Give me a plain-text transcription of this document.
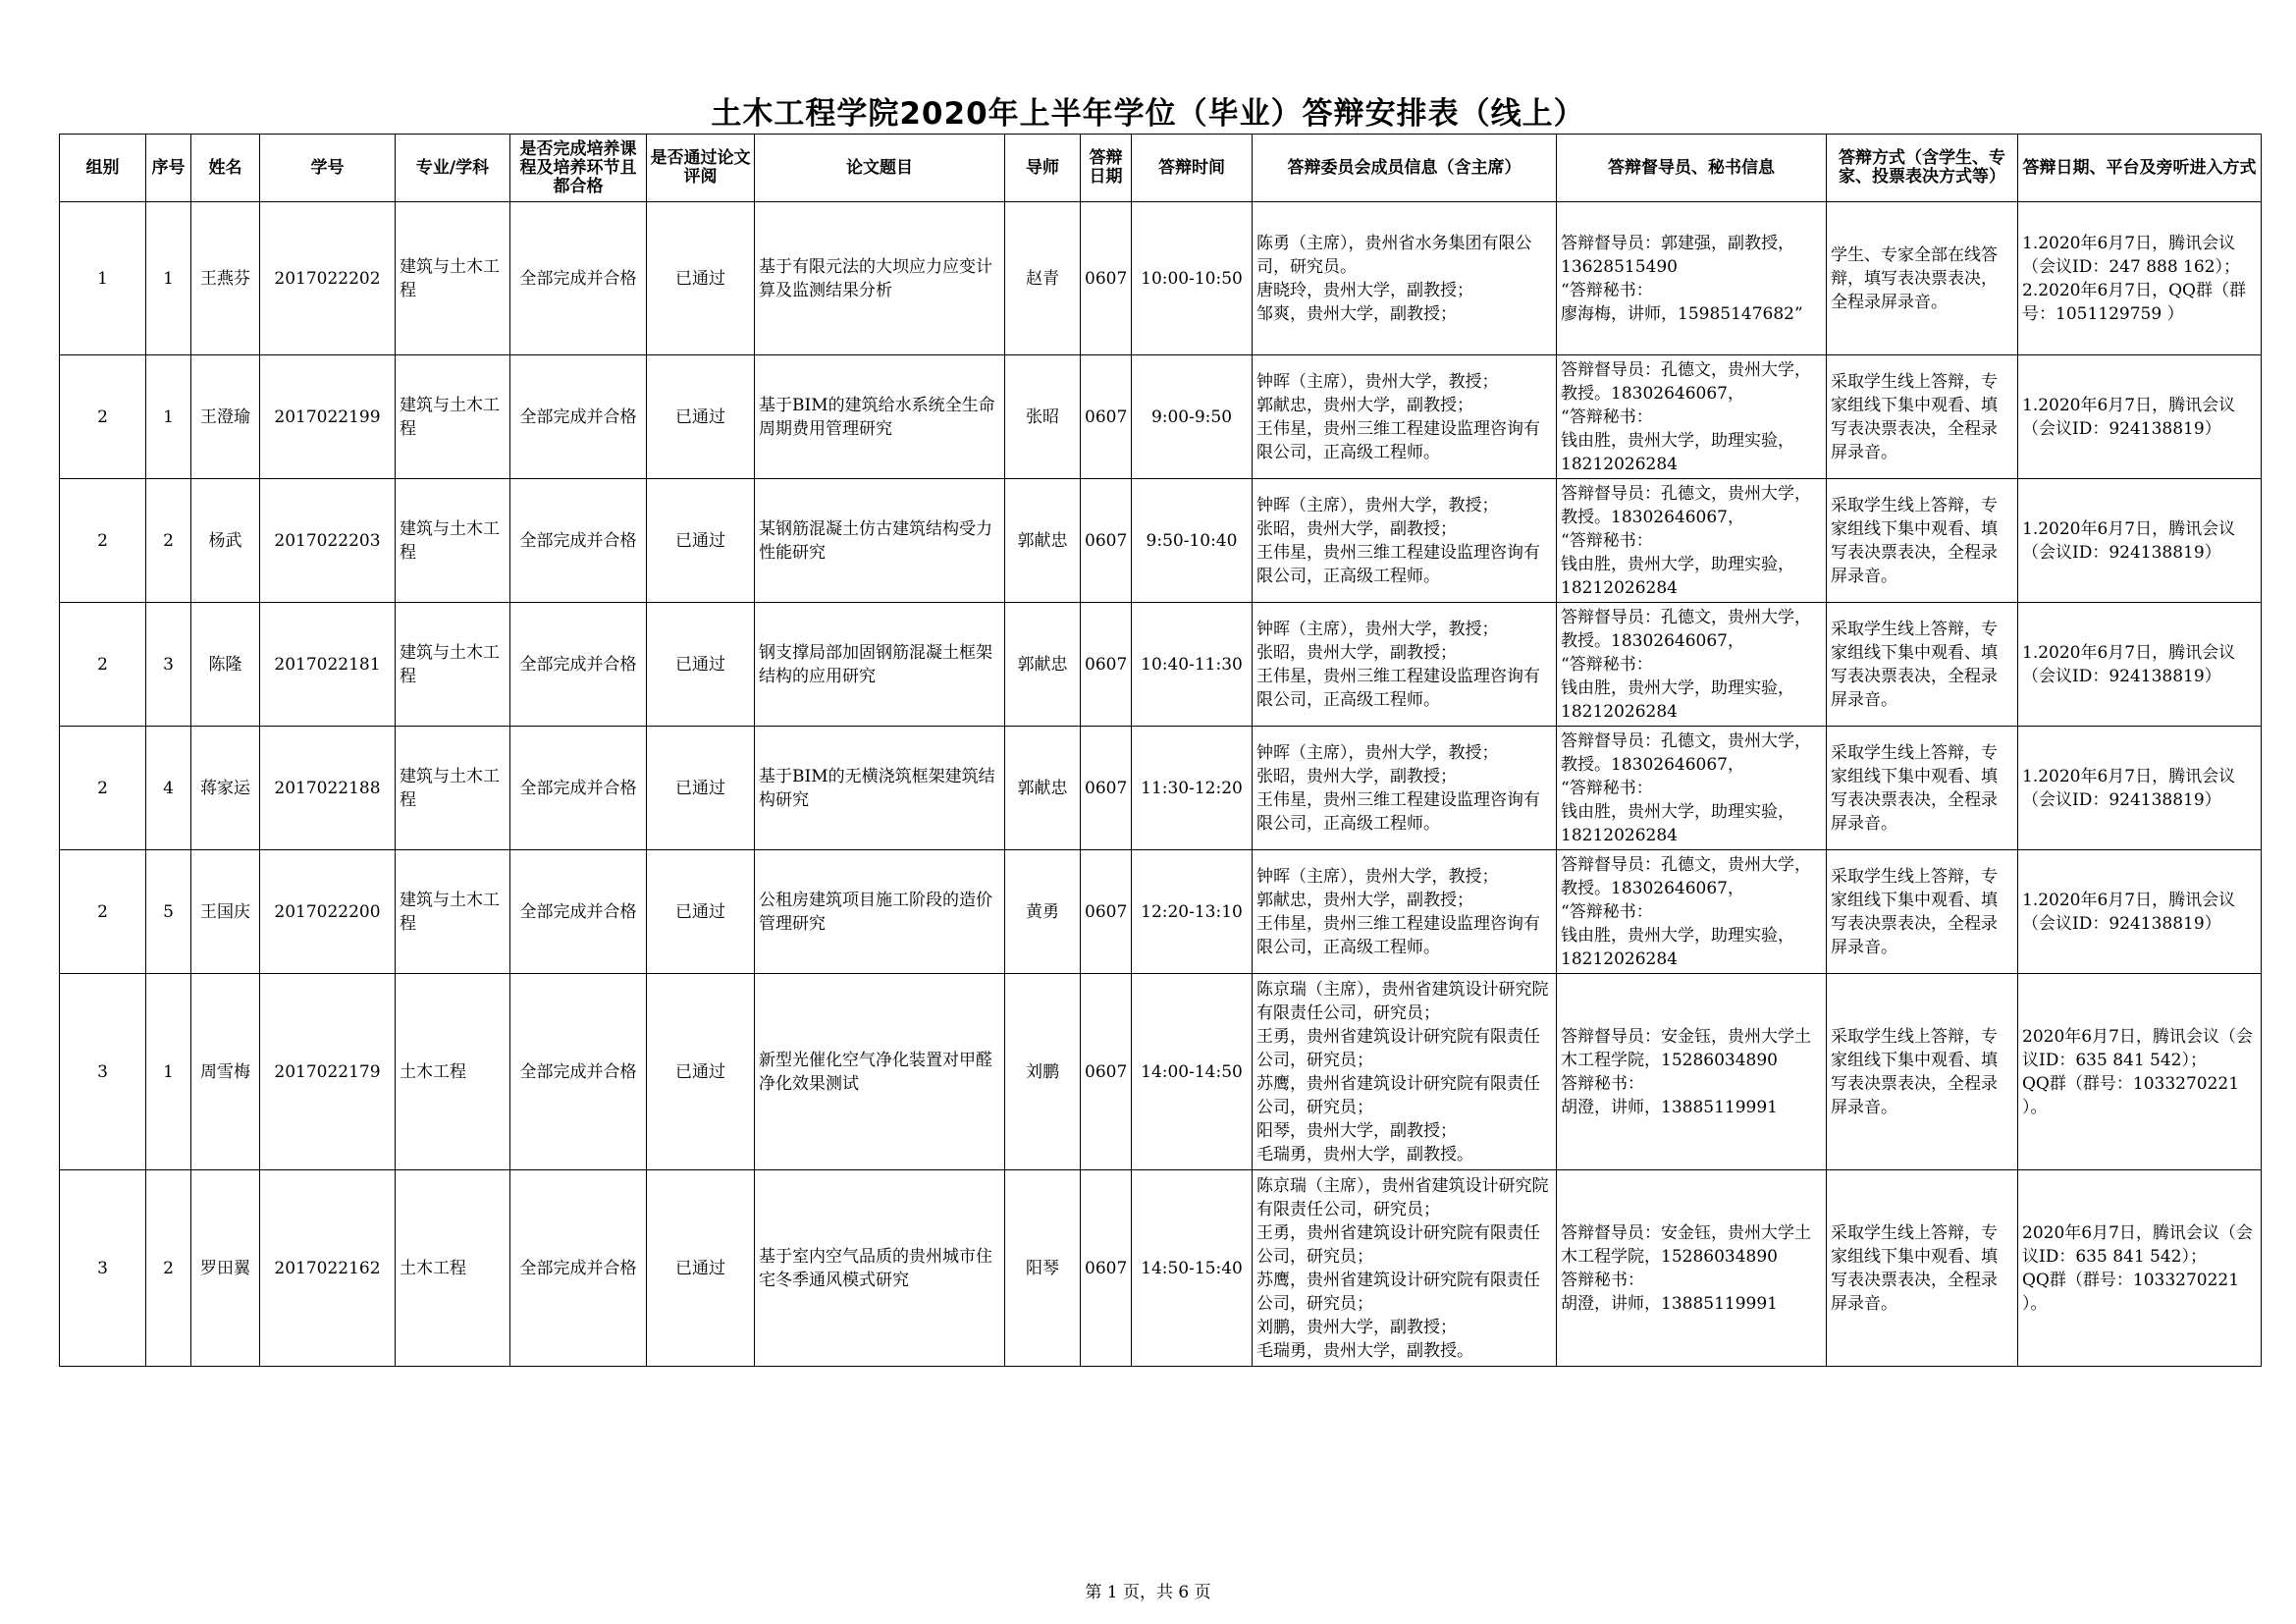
土木工程学院2020年上半年学位（毕业）答辩安排表（线上）
组别	序号	姓名	学号	专业/学科	是否完成培养课程及培养环节且都合格	是否通过论文评阅	论文题目	导师	答辩日期	答辩时间	答辩委员会成员信息（含主席）	答辩督导员、秘书信息	答辩方式（含学生、专家、投票表决方式等）	答辩日期、平台及旁听进入方式
1	1	王燕芬	2017022202	建筑与土木工程	全部完成并合格	已通过	基于有限元法的大坝应力应变计算及监测结果分析	赵青	0607	10:00-10:50	陈勇（主席），贵州省水务集团有限公司，研究员。
唐晓玲，贵州大学，副教授；
邹爽，贵州大学，副教授；	答辩督导员：郭建强，副教授，13628515490
“答辩秘书：
廖海梅，讲师，15985147682”	学生、专家全部在线答辩，填写表决票表决，全程录屏录音。	1.2020年6月7日，腾讯会议（会议ID：247 888 162）；
2.2020年6月7日，QQ群（群号：1051129759 ）
2	1	王澄瑜	2017022199	建筑与土木工程	全部完成并合格	已通过	基于BIM的建筑给水系统全生命周期费用管理研究	张昭	0607	9:00-9:50	钟晖（主席），贵州大学，教授；
郭献忠，贵州大学，副教授；
王伟星，贵州三维工程建设监理咨询有限公司，正高级工程师。	答辩督导员：孔德文，贵州大学，教授。18302646067，
“答辩秘书：
钱由胜，贵州大学，助理实验，18212026284	采取学生线上答辩，专家组线下集中观看、填写表决票表决，全程录屏录音。	1.2020年6月7日，腾讯会议（会议ID：924138819）
2	2	杨武	2017022203	建筑与土木工程	全部完成并合格	已通过	某钢筋混凝土仿古建筑结构受力性能研究	郭献忠	0607	9:50-10:40	钟晖（主席），贵州大学，教授；
张昭，贵州大学，副教授；
王伟星，贵州三维工程建设监理咨询有限公司，正高级工程师。	答辩督导员：孔德文，贵州大学，教授。18302646067，
“答辩秘书：
钱由胜，贵州大学，助理实验，18212026284	采取学生线上答辩，专家组线下集中观看、填写表决票表决，全程录屏录音。	1.2020年6月7日，腾讯会议（会议ID：924138819）
2	3	陈隆	2017022181	建筑与土木工程	全部完成并合格	已通过	钢支撑局部加固钢筋混凝土框架结构的应用研究	郭献忠	0607	10:40-11:30	钟晖（主席），贵州大学，教授；
张昭，贵州大学，副教授；
王伟星，贵州三维工程建设监理咨询有限公司，正高级工程师。	答辩督导员：孔德文，贵州大学，教授。18302646067，
“答辩秘书：
钱由胜，贵州大学，助理实验，18212026284	采取学生线上答辩，专家组线下集中观看、填写表决票表决，全程录屏录音。	1.2020年6月7日，腾讯会议（会议ID：924138819）
2	4	蒋家运	2017022188	建筑与土木工程	全部完成并合格	已通过	基于BIM的无横浇筑框架建筑结构研究	郭献忠	0607	11:30-12:20	钟晖（主席），贵州大学，教授；
张昭，贵州大学，副教授；
王伟星，贵州三维工程建设监理咨询有限公司，正高级工程师。	答辩督导员：孔德文，贵州大学，教授。18302646067，
“答辩秘书：
钱由胜，贵州大学，助理实验，18212026284	采取学生线上答辩，专家组线下集中观看、填写表决票表决，全程录屏录音。	1.2020年6月7日，腾讯会议（会议ID：924138819）
2	5	王国庆	2017022200	建筑与土木工程	全部完成并合格	已通过	公租房建筑项目施工阶段的造价管理研究	黄勇	0607	12:20-13:10	钟晖（主席），贵州大学，教授；
郭献忠，贵州大学，副教授；
王伟星，贵州三维工程建设监理咨询有限公司，正高级工程师。	答辩督导员：孔德文，贵州大学，教授。18302646067，
“答辩秘书：
钱由胜，贵州大学，助理实验，18212026284	采取学生线上答辩，专家组线下集中观看、填写表决票表决，全程录屏录音。	1.2020年6月7日，腾讯会议（会议ID：924138819）
3	1	周雪梅	2017022179	土木工程	全部完成并合格	已通过	新型光催化空气净化装置对甲醛净化效果测试	刘鹏	0607	14:00-14:50	陈京瑞（主席），贵州省建筑设计研究院有限责任公司，研究员；
王勇，贵州省建筑设计研究院有限责任公司，研究员；
苏鹰，贵州省建筑设计研究院有限责任公司，研究员；
阳琴，贵州大学，副教授；
毛瑞勇，贵州大学，副教授。	答辩督导员：安金钰，贵州大学土木工程学院，15286034890
答辩秘书：
胡澄，讲师，13885119991	采取学生线上答辩，专家组线下集中观看、填写表决票表决，全程录屏录音。	2020年6月7日，腾讯会议（会议ID：635 841 542）；
QQ群（群号：1033270221 ）。
3	2	罗田翼	2017022162	土木工程	全部完成并合格	已通过	基于室内空气品质的贵州城市住宅冬季通风模式研究	阳琴	0607	14:50-15:40	陈京瑞（主席），贵州省建筑设计研究院有限责任公司，研究员；
王勇，贵州省建筑设计研究院有限责任公司，研究员；
苏鹰，贵州省建筑设计研究院有限责任公司，研究员；
刘鹏，贵州大学，副教授；
毛瑞勇，贵州大学，副教授。	答辩督导员：安金钰，贵州大学土木工程学院，15286034890
答辩秘书：
胡澄，讲师，13885119991	采取学生线上答辩，专家组线下集中观看、填写表决票表决，全程录屏录音。	2020年6月7日，腾讯会议（会议ID：635 841 542）；
QQ群（群号：1033270221 ）。
第 1 页，共 6 页
